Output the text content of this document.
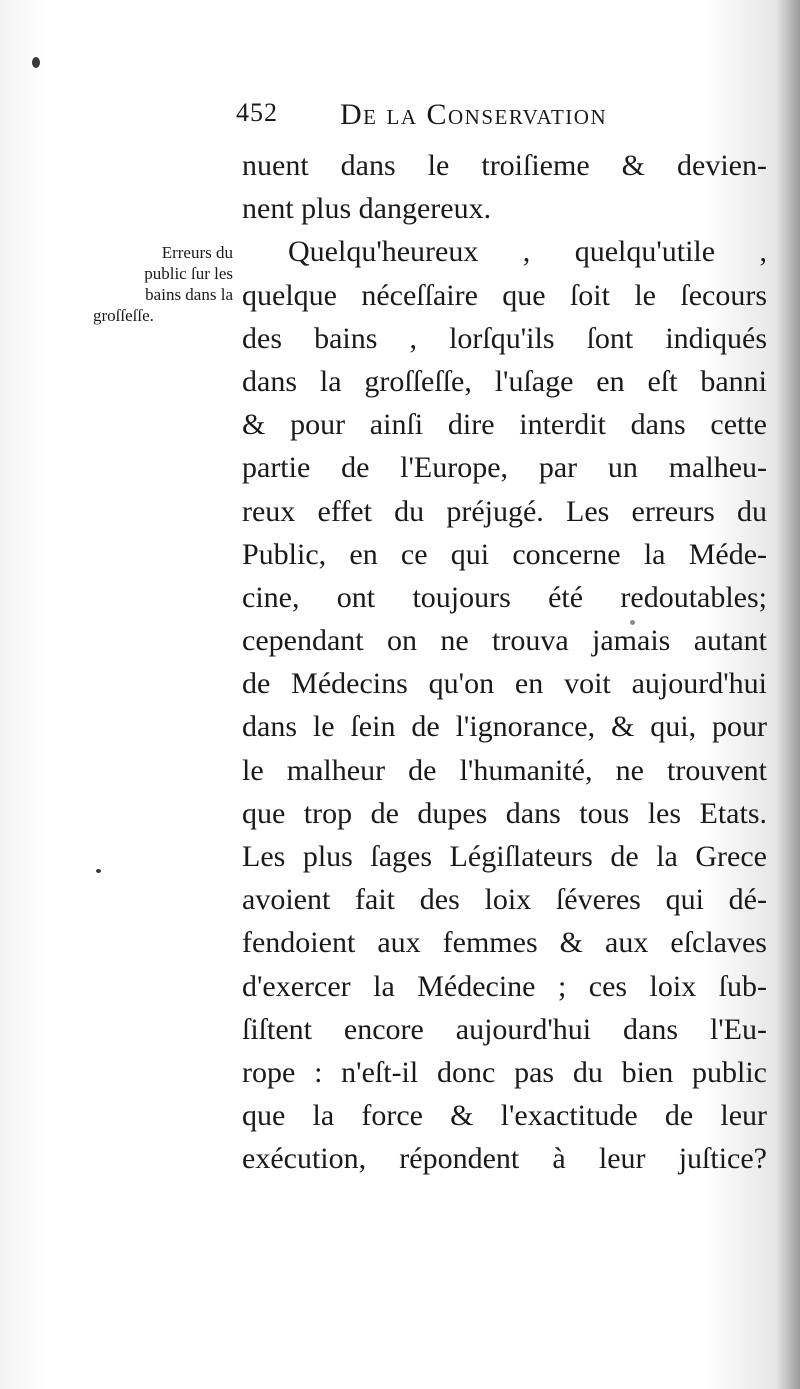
452 De la Conservation
Erreurs du
public ſur les
bains dans la
groſſeſſe.
nuent dans le troiſieme & devien-
nent plus dangereux.
Quelqu'heureux , quelqu'utile ,
quelque néceſſaire que ſoit le ſecours
des bains , lorſqu'ils ſont indiqués
dans la groſſeſſe, l'uſage en eſt banni
& pour ainſi dire interdit dans cette
partie de l'Europe, par un malheu-
reux effet du préjugé. Les erreurs du
Public, en ce qui concerne la Méde-
cine, ont toujours été redoutables;
cependant on ne trouva jamais autant
de Médecins qu'on en voit aujourd'hui
dans le ſein de l'ignorance, & qui, pour
le malheur de l'humanité, ne trouvent
que trop de dupes dans tous les Etats.
Les plus ſages Légiſlateurs de la Grece
avoient fait des loix ſéveres qui dé-
fendoient aux femmes & aux eſclaves
d'exercer la Médecine ; ces loix ſub-
ſiſtent encore aujourd'hui dans l'Eu-
rope : n'eſt-il donc pas du bien public
que la force & l'exactitude de leur
exécution, répondent à leur juſtice?
